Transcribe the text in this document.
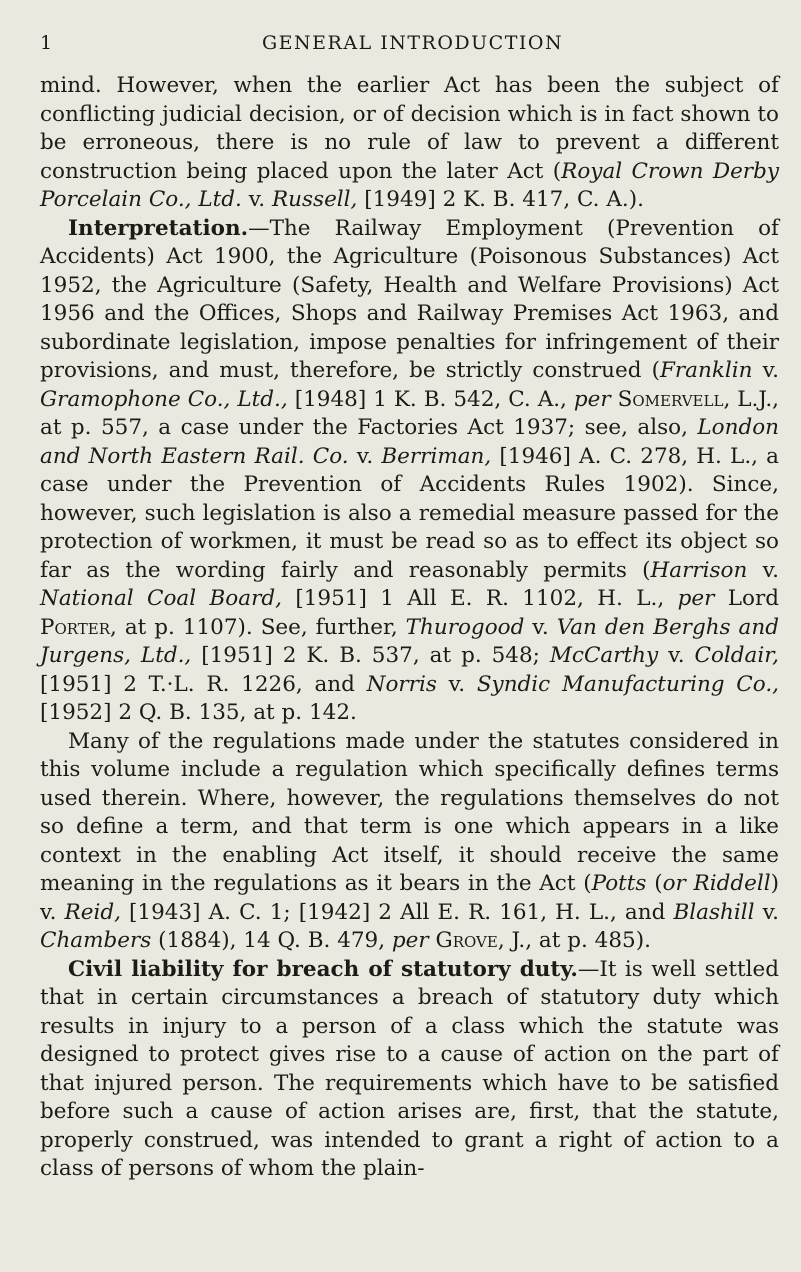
1	GENERAL INTRODUCTION

mind. However, when the earlier Act has been the subject of conflicting judicial decision, or of decision which is in fact shown to be erroneous, there is no rule of law to prevent a different construction being placed upon the later Act (Royal Crown Derby Porcelain Co., Ltd. v. Russell, [1949] 2 K. B. 417, C. A.).

Interpretation.—The Railway Employment (Prevention of Accidents) Act 1900, the Agriculture (Poisonous Substances) Act 1952, the Agriculture (Safety, Health and Welfare Provisions) Act 1956 and the Offices, Shops and Railway Premises Act 1963, and subordinate legislation, impose penalties for infringement of their provisions, and must, therefore, be strictly construed (Franklin v. Gramophone Co., Ltd., [1948] 1 K. B. 542, C. A., per Somervell, L.J., at p. 557, a case under the Factories Act 1937; see, also, London and North Eastern Rail. Co. v. Berriman, [1946] A. C. 278, H. L., a case under the Prevention of Accidents Rules 1902). Since, however, such legislation is also a remedial measure passed for the protection of workmen, it must be read so as to effect its object so far as the wording fairly and reasonably permits (Harrison v. National Coal Board, [1951] 1 All E. R. 1102, H. L., per Lord Porter, at p. 1107). See, further, Thurogood v. Van den Berghs and Jurgens, Ltd., [1951] 2 K. B. 537, at p. 548; McCarthy v. Coldair, [1951] 2 T.·L. R. 1226, and Norris v. Syndic Manufacturing Co., [1952] 2 Q. B. 135, at p. 142.

Many of the regulations made under the statutes considered in this volume include a regulation which specifically defines terms used therein. Where, however, the regulations themselves do not so define a term, and that term is one which appears in a like context in the enabling Act itself, it should receive the same meaning in the regulations as it bears in the Act (Potts (or Riddell) v. Reid, [1943] A. C. 1; [1942] 2 All E. R. 161, H. L., and Blashill v. Chambers (1884), 14 Q. B. 479, per Grove, J., at p. 485).

Civil liability for breach of statutory duty.—It is well settled that in certain circumstances a breach of statutory duty which results in injury to a person of a class which the statute was designed to protect gives rise to a cause of action on the part of that injured person. The requirements which have to be satisfied before such a cause of action arises are, first, that the statute, properly construed, was intended to grant a right of action to a class of persons of whom the plain-
